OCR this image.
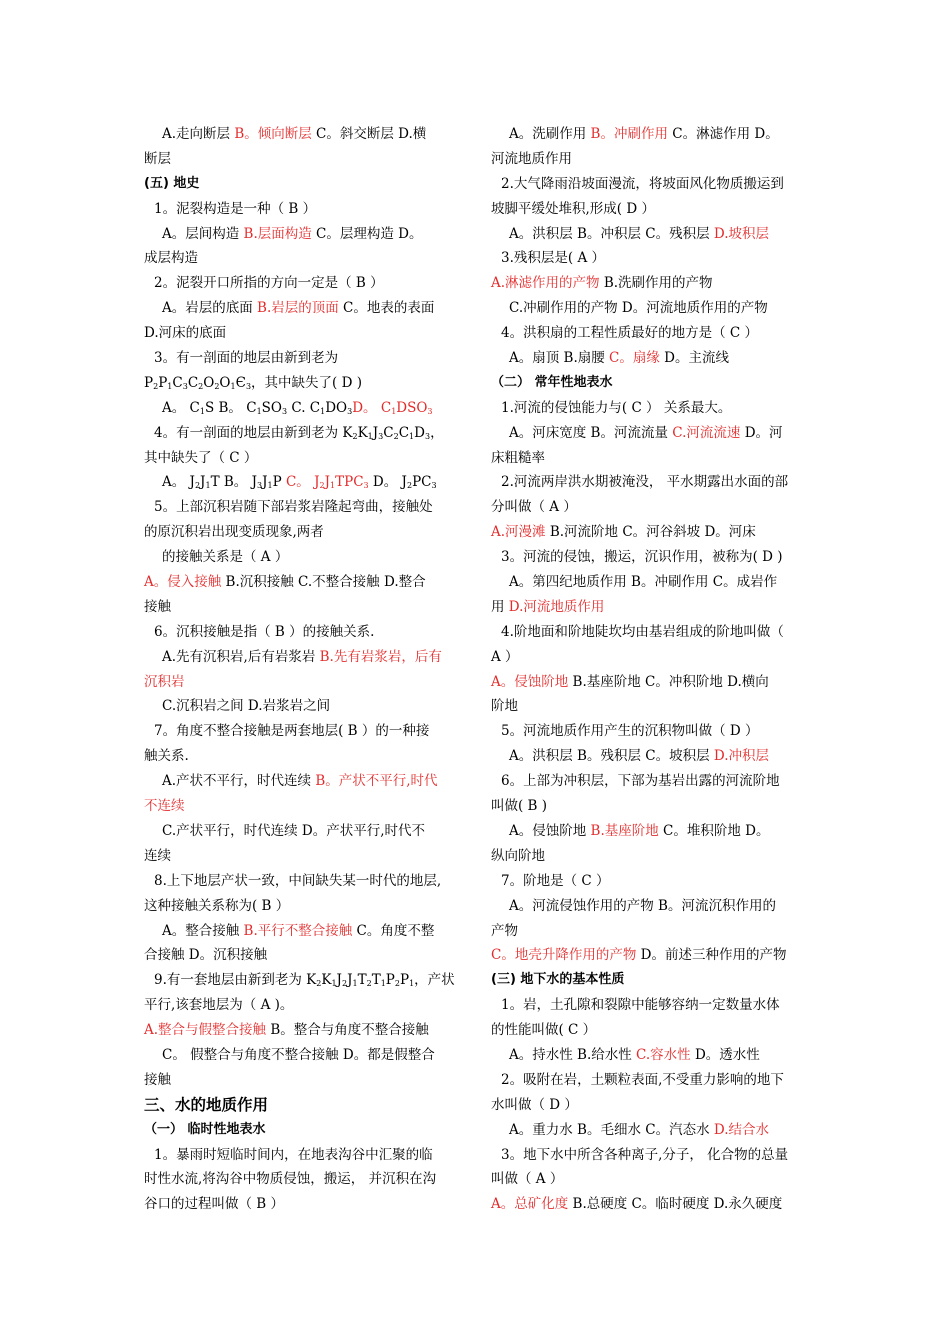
A.走向断层 B。倾向断层 C。斜交断层 D.横
断层
(五) 地史
1。泥裂构造是一种（ B ）
A。层间构造 B.层面构造 C。层理构造 D。
成层构造
2。泥裂开口所指的方向一定是（ B ）
A。岩层的底面 B.岩层的顶面 C。地表的表面
D.河床的底面
3。有一剖面的地层由新到老为
$P_2P_1C_3C_2O_2O_1Є_3$，其中缺失了( D )
A。 $C_1S$ B。 $C_1SO_3$ C. $C_1DO_3D$。 $C_1DSO_3$
4。有一剖面的地层由新到老为 $K_2K_1J_3C_2C_1D_3$，
其中缺失了（ C ）
A。 $J_2J_1T$ B。 $J_3J_1P$ C。 $J_2J_1TPC_3$ D。 $J_2PC_3$
5。上部沉积岩随下部岩浆岩隆起弯曲，接触处
的原沉积岩出现变质现象,两者
的接触关系是（ A ）
A。侵入接触 B.沉积接触 C.不整合接触 D.整合
接触
6。沉积接触是指（ B ）的接触关系.
A.先有沉积岩,后有岩浆岩 B.先有岩浆岩，后有
沉积岩
C.沉积岩之间 D.岩浆岩之间
7。角度不整合接触是两套地层( B ）的一种接
触关系.
A.产状不平行，时代连续 B。产状不平行,时代
不连续
C.产状平行，时代连续 D。产状平行,时代不
连续
8.上下地层产状一致，中间缺失某一时代的地层,
这种接触关系称为( B ）
A。整合接触 B.平行不整合接触 C。角度不整
合接触 D。沉积接触
9.有一套地层由新到老为 $K_2K_1J_2J_1T_2T_1P_2P_1$，产状
平行,该套地层为（ A )。
A.整合与假整合接触 B。整合与角度不整合接触
C。 假整合与角度不整合接触 D。都是假整合
接触
三、水的地质作用
（一） 临时性地表水
1。暴雨时短临时间内，在地表沟谷中汇聚的临
时性水流,将沟谷中物质侵蚀，搬运， 并沉积在沟
谷口的过程叫做（ B ）
A。洗刷作用 B。冲刷作用 C。淋滤作用 D。
河流地质作用
2.大气降雨沿坡面漫流，将坡面风化物质搬运到
坡脚平缓处堆积,形成( D ）
A。洪积层 B。冲积层 C。残积层 D.坡积层
3.残积层是( A ）
A.淋滤作用的产物 B.洗刷作用的产物
C.冲刷作用的产物 D。河流地质作用的产物
4。洪积扇的工程性质最好的地方是（ C ）
A。扇顶 B.扇腰 C。扇缘 D。主流线
（二） 常年性地表水
1.河流的侵蚀能力与( C ） 关系最大。
A。河床宽度 B。河流流量 C.河流流速 D。河
床粗糙率
2.河流两岸洪水期被淹没， 平水期露出水面的部
分叫做（ A ）
A.河漫滩 B.河流阶地 C。河谷斜坡 D。河床
3。河流的侵蚀，搬运，沉识作用，被称为( D )
A。第四纪地质作用 B。冲刷作用 C。成岩作
用 D.河流地质作用
4.阶地面和阶地陡坎均由基岩组成的阶地叫做（
A ）
A。侵蚀阶地 B.基座阶地 C。冲积阶地 D.横向
阶地
5。河流地质作用产生的沉积物叫做（ D ）
A。洪积层 B。残积层 C。坡积层 D.冲积层
6。上部为冲积层，下部为基岩出露的河流阶地
叫做( B )
A。侵蚀阶地 B.基座阶地 C。堆积阶地 D。
纵向阶地
7。阶地是（ C ）
A。河流侵蚀作用的产物 B。河流沉积作用的
产物
C。地壳升降作用的产物 D。前述三种作用的产物
(三) 地下水的基本性质
1。岩，土孔隙和裂隙中能够容纳一定数量水体
的性能叫做( C ）
A。持水性 B.给水性 C.容水性 D。透水性
2。吸附在岩，土颗粒表面,不受重力影响的地下
水叫做（ D ）
A。重力水 B。毛细水 C。汽态水 D.结合水
3。地下水中所含各种离子,分子， 化合物的总量
叫做（ A ）
A。总矿化度 B.总硬度 C。临时硬度 D.永久硬度
